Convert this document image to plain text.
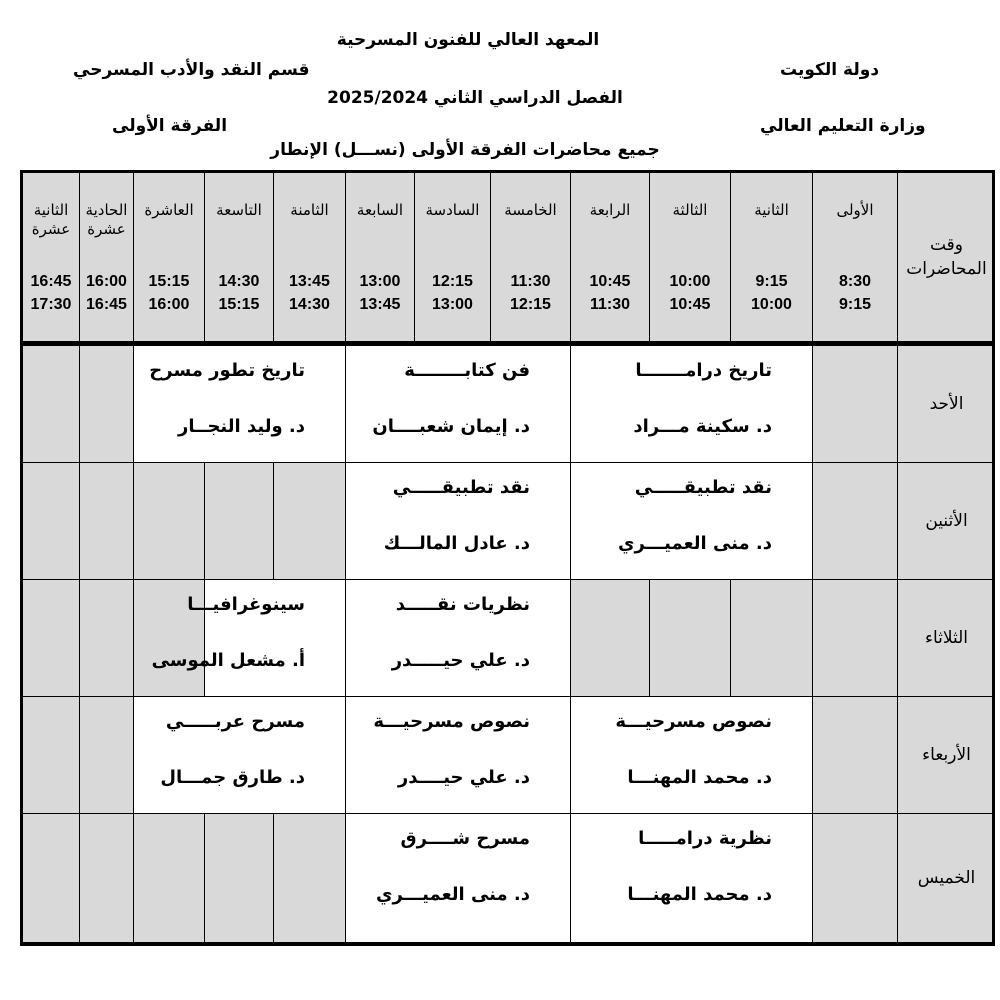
المعهد العالي للفنون المسرحية
قسم النقد والأدب المسرحي	دولة الكويت
الفصل الدراسي الثاني 2025/2024
الفرقة الأولى	وزارة التعليم العالي
جميع محاضرات الفرقة الأولى (نســـل) الإنطار
وقت
المحاضرات
الأولى
8:30
9:15
الثانية
9:15
10:00
الثالثة
10:00
10:45
الرابعة
10:45
11:30
الخامسة
11:30
12:15
السادسة
12:15
13:00
السابعة
13:00
13:45
الثامنة
13:45
14:30
التاسعة
14:30
15:15
العاشرة
15:15
16:00
الحادية عشرة
16:00
16:45
الثانية عشرة
16:45
17:30
الأحد
تاريخ درامـــــــا
د. سكينة مـــراد
فن كتابــــــــة
د. إيمان شعبــــان
تاريخ تطور مسرح
د. وليد النجــار
الأثنين
نقد تطبيقـــــي
د. منى العميـــري
نقد تطبيقـــــي
د. عادل المالـــك
الثلاثاء
نظريات نقـــــد
د. علي حيـــــدر
سينوغرافيـــا
أ. مشعل الموسى
الأربعاء
نصوص مسرحيـــة
د. محمد المهنـــا
نصوص مسرحيـــة
د. علي حيــــدر
مسرح عربـــــي
د. طارق جمـــال
الخميس
نظرية درامـــــا
د. محمد المهنـــا
مسرح شــــرق
د. منى العميـــري
